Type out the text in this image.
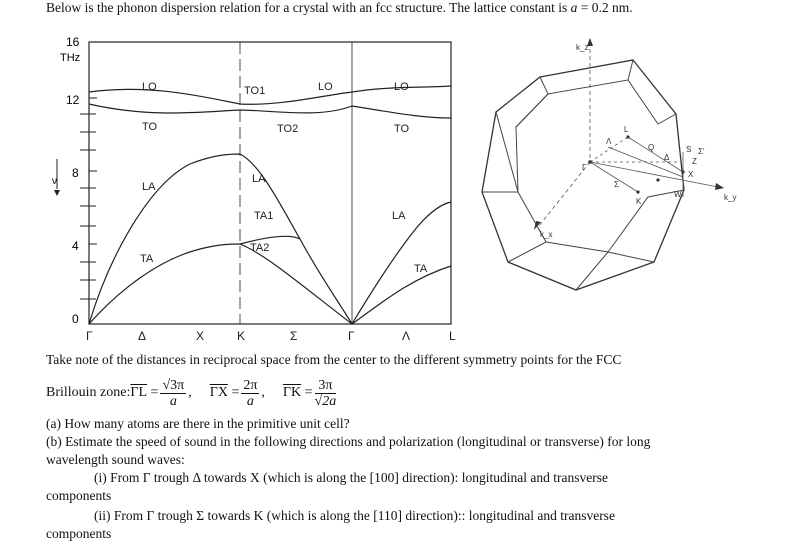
Below is the phonon dispersion relation for a crystal with an fcc structure. The lattice constant is a = 0.2 nm.
16
THz
12
8
4
0
ν
LO
TO
LA
TA
TO1
TO2
LA
TA1
TA2
LO	LO
TO
LA
TA
Γ	Δ	X	K	Σ	Γ	Λ	L
k_z
k_x
k_y
Γ
Δ
X
Σ
K
Λ
L
Q
W
Z
S Σ'
Take note of the distances in reciprocal space from the center to the different symmetry points for the FCC
Brillouin zone: $\overline{\Gamma L} = \frac{√3\pi}{a}$ , $\overline{\Gamma X} = \frac{2\pi}{a}$ , $\overline{\Gamma K} = \frac{3\pi}{√2a}$
(a) How many atoms are there in the primitive unit cell?
(b) Estimate the speed of sound in the following directions and polarization (longitudinal or transverse) for long
wavelength sound waves:
(i) From Γ trough Δ towards X (which is along the [100] direction): longitudinal and transverse
components
(ii) From Γ trough Σ towards K (which is along the [110] direction):: longitudinal and transverse
components
